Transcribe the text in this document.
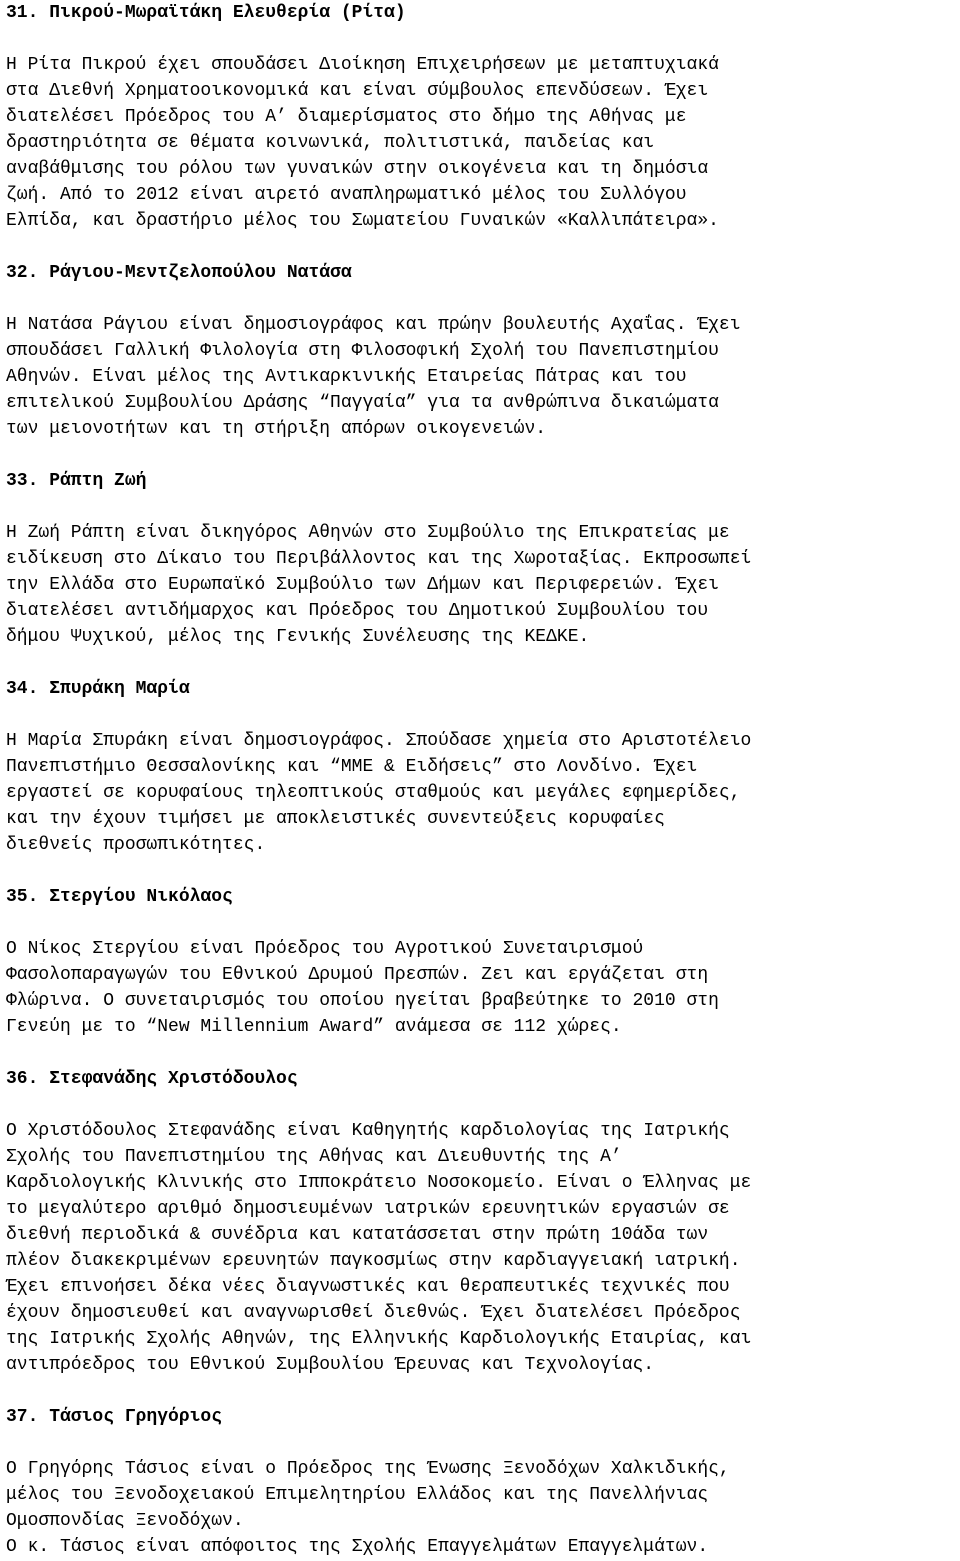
31. Πικρού-Μωραϊτάκη Ελευθερία (Ρίτα)
Η Ρίτα Πικρού έχει σπουδάσει Διοίκηση Επιχειρήσεων με μεταπτυχιακά
στα Διεθνή Χρηματοοικονομικά και είναι σύμβουλος επενδύσεων. Έχει
διατελέσει Πρόεδρος του Α’ διαμερίσματος στο δήμο της Αθήνας με
δραστηριότητα σε θέματα κοινωνικά, πολιτιστικά, παιδείας και
αναβάθμισης του ρόλου των γυναικών στην οικογένεια και τη δημόσια
ζωή. Από το 2012 είναι αιρετό αναπληρωματικό μέλος του Συλλόγου
Ελπίδα, και δραστήριο μέλος του Σωματείου Γυναικών «Καλλιπάτειρα».
32. Ράγιου-Μεντζελοπούλου Νατάσα
Η Νατάσα Ράγιου είναι δημοσιογράφος και πρώην βουλευτής Αχαΐας. Έχει
σπουδάσει Γαλλική Φιλολογία στη Φιλοσοφική Σχολή του Πανεπιστημίου
Αθηνών. Είναι μέλος της Αντικαρκινικής Εταιρείας Πάτρας και του
επιτελικού Συμβουλίου Δράσης “Παγγαία” για τα ανθρώπινα δικαιώματα
των μειονοτήτων και τη στήριξη απόρων οικογενειών.
33. Ράπτη Ζωή
Η Ζωή Ράπτη είναι δικηγόρος Αθηνών στο Συμβούλιο της Επικρατείας με
ειδίκευση στο Δίκαιο του Περιβάλλοντος και της Χωροταξίας. Εκπροσωπεί
την Ελλάδα στο Ευρωπαϊκό Συμβούλιο των Δήμων και Περιφερειών. Έχει
διατελέσει αντιδήμαρχος και Πρόεδρος του Δημοτικού Συμβουλίου του
δήμου Ψυχικού, μέλος της Γενικής Συνέλευσης της ΚΕΔΚΕ.
34. Σπυράκη Μαρία
Η Μαρία Σπυράκη είναι δημοσιογράφος. Σπούδασε χημεία στο Αριστοτέλειο
Πανεπιστήμιο Θεσσαλονίκης και “ΜΜΕ & Ειδήσεις” στο Λονδίνο. Έχει
εργαστεί σε κορυφαίους τηλεοπτικούς σταθμούς και μεγάλες εφημερίδες,
και την έχουν τιμήσει με αποκλειστικές συνεντεύξεις κορυφαίες
διεθνείς προσωπικότητες.
35. Στεργίου Νικόλαος
Ο Νίκος Στεργίου είναι Πρόεδρος του Αγροτικού Συνεταιρισμού
Φασολοπαραγωγών του Εθνικού Δρυμού Πρεσπών. Ζει και εργάζεται στη
Φλώρινα. Ο συνεταιρισμός του οποίου ηγείται βραβεύτηκε το 2010 στη
Γενεύη με το “New Millennium Award” ανάμεσα σε 112 χώρες.
36. Στεφανάδης Χριστόδουλος
Ο Χριστόδουλος Στεφανάδης είναι Καθηγητής καρδιολογίας της Ιατρικής
Σχολής του Πανεπιστημίου της Αθήνας και Διευθυντής της Α’
Καρδιολογικής Κλινικής στο Ιπποκράτειο Νοσοκομείο. Είναι ο Έλληνας με
το μεγαλύτερο αριθμό δημοσιευμένων ιατρικών ερευνητικών εργασιών σε
διεθνή περιοδικά & συνέδρια και κατατάσσεται στην πρώτη 10άδα των
πλέον διακεκριμένων ερευνητών παγκοσμίως στην καρδιαγγειακή ιατρική.
Έχει επινοήσει δέκα νέες διαγνωστικές και θεραπευτικές τεχνικές που
έχουν δημοσιευθεί και αναγνωρισθεί διεθνώς. Έχει διατελέσει Πρόεδρος
της Ιατρικής Σχολής Αθηνών, της Ελληνικής Καρδιολογικής Εταιρίας, και
αντιπρόεδρος του Εθνικού Συμβουλίου Έρευνας και Τεχνολογίας.
37. Τάσιος Γρηγόριος
Ο Γρηγόρης Τάσιος είναι ο Πρόεδρος της Ένωσης Ξενοδόχων Χαλκιδικής,
μέλος του Ξενοδοχειακού Επιμελητηρίου Ελλάδος και της Πανελλήνιας
Ομοσπονδίας Ξενοδόχων.
Ο κ. Τάσιος είναι απόφοιτος της Σχολής Επαγγελμάτων Επαγγελμάτων.
